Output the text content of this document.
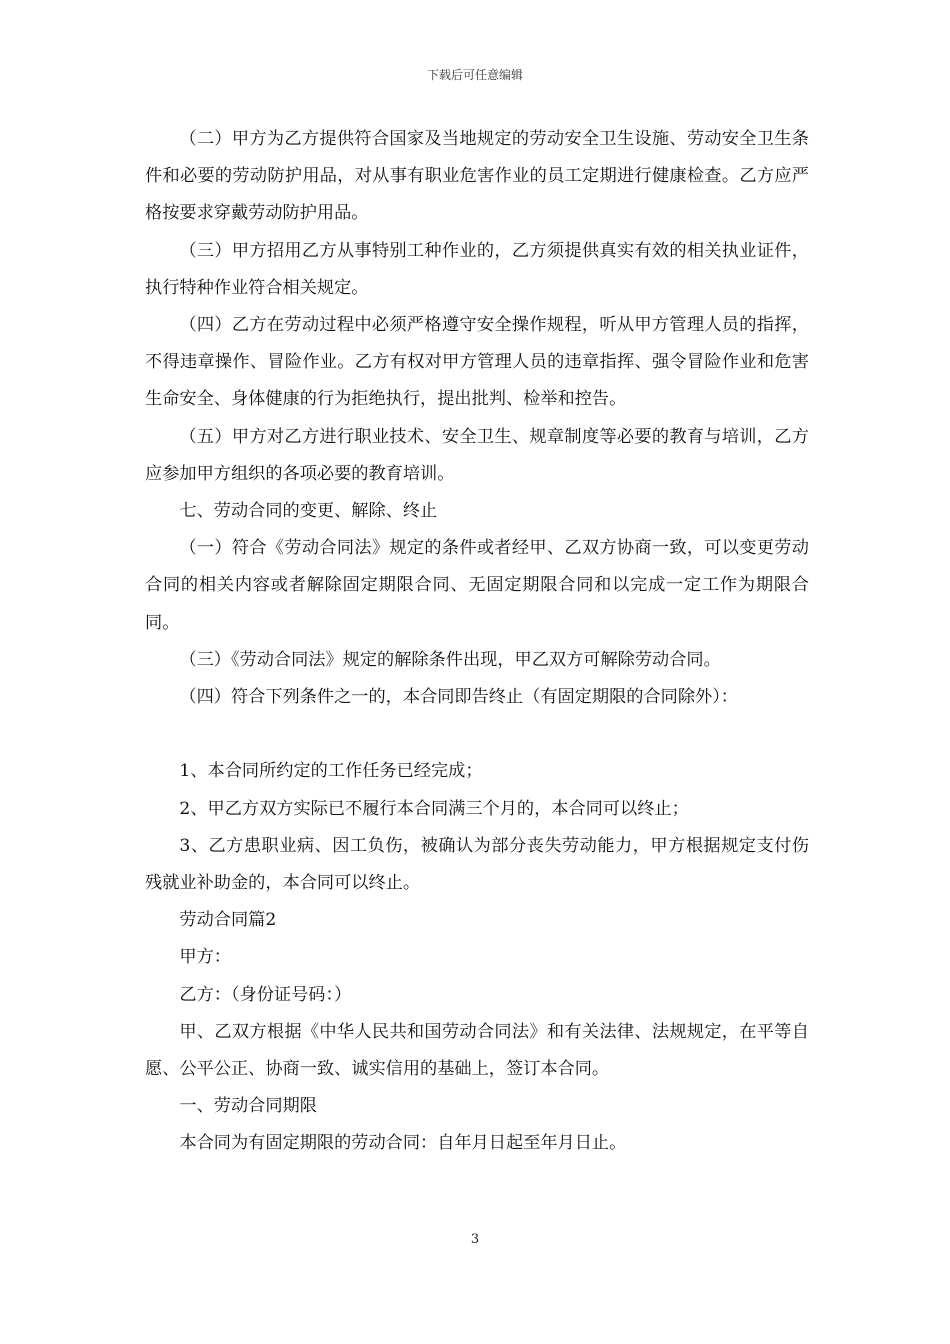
下载后可任意编辑

（二）甲方为乙方提供符合国家及当地规定的劳动安全卫生设施、劳动安全卫生条件和必要的劳动防护用品，对从事有职业危害作业的员工定期进行健康检查。乙方应严格按要求穿戴劳动防护用品。

（三）甲方招用乙方从事特别工种作业的，乙方须提供真实有效的相关执业证件，执行特种作业符合相关规定。

（四）乙方在劳动过程中必须严格遵守安全操作规程，听从甲方管理人员的指挥，不得违章操作、冒险作业。乙方有权对甲方管理人员的违章指挥、强令冒险作业和危害生命安全、身体健康的行为拒绝执行，提出批判、检举和控告。

（五）甲方对乙方进行职业技术、安全卫生、规章制度等必要的教育与培训，乙方应参加甲方组织的各项必要的教育培训。

七、劳动合同的变更、解除、终止

（一）符合《劳动合同法》规定的条件或者经甲、乙双方协商一致，可以变更劳动合同的相关内容或者解除固定期限合同、无固定期限合同和以完成一定工作为期限合同。

（三）《劳动合同法》规定的解除条件出现，甲乙双方可解除劳动合同。

（四）符合下列条件之一的，本合同即告终止（有固定期限的合同除外）：

1、本合同所约定的工作任务已经完成；

2、甲乙方双方实际已不履行本合同满三个月的，本合同可以终止；

3、乙方患职业病、因工负伤，被确认为部分丧失劳动能力，甲方根据规定支付伤残就业补助金的，本合同可以终止。

劳动合同篇2

甲方：

乙方：（身份证号码：）

甲、乙双方根据《中华人民共和国劳动合同法》和有关法律、法规规定，在平等自愿、公平公正、协商一致、诚实信用的基础上，签订本合同。

一、劳动合同期限

本合同为有固定期限的劳动合同：自年月日起至年月日止。

3
